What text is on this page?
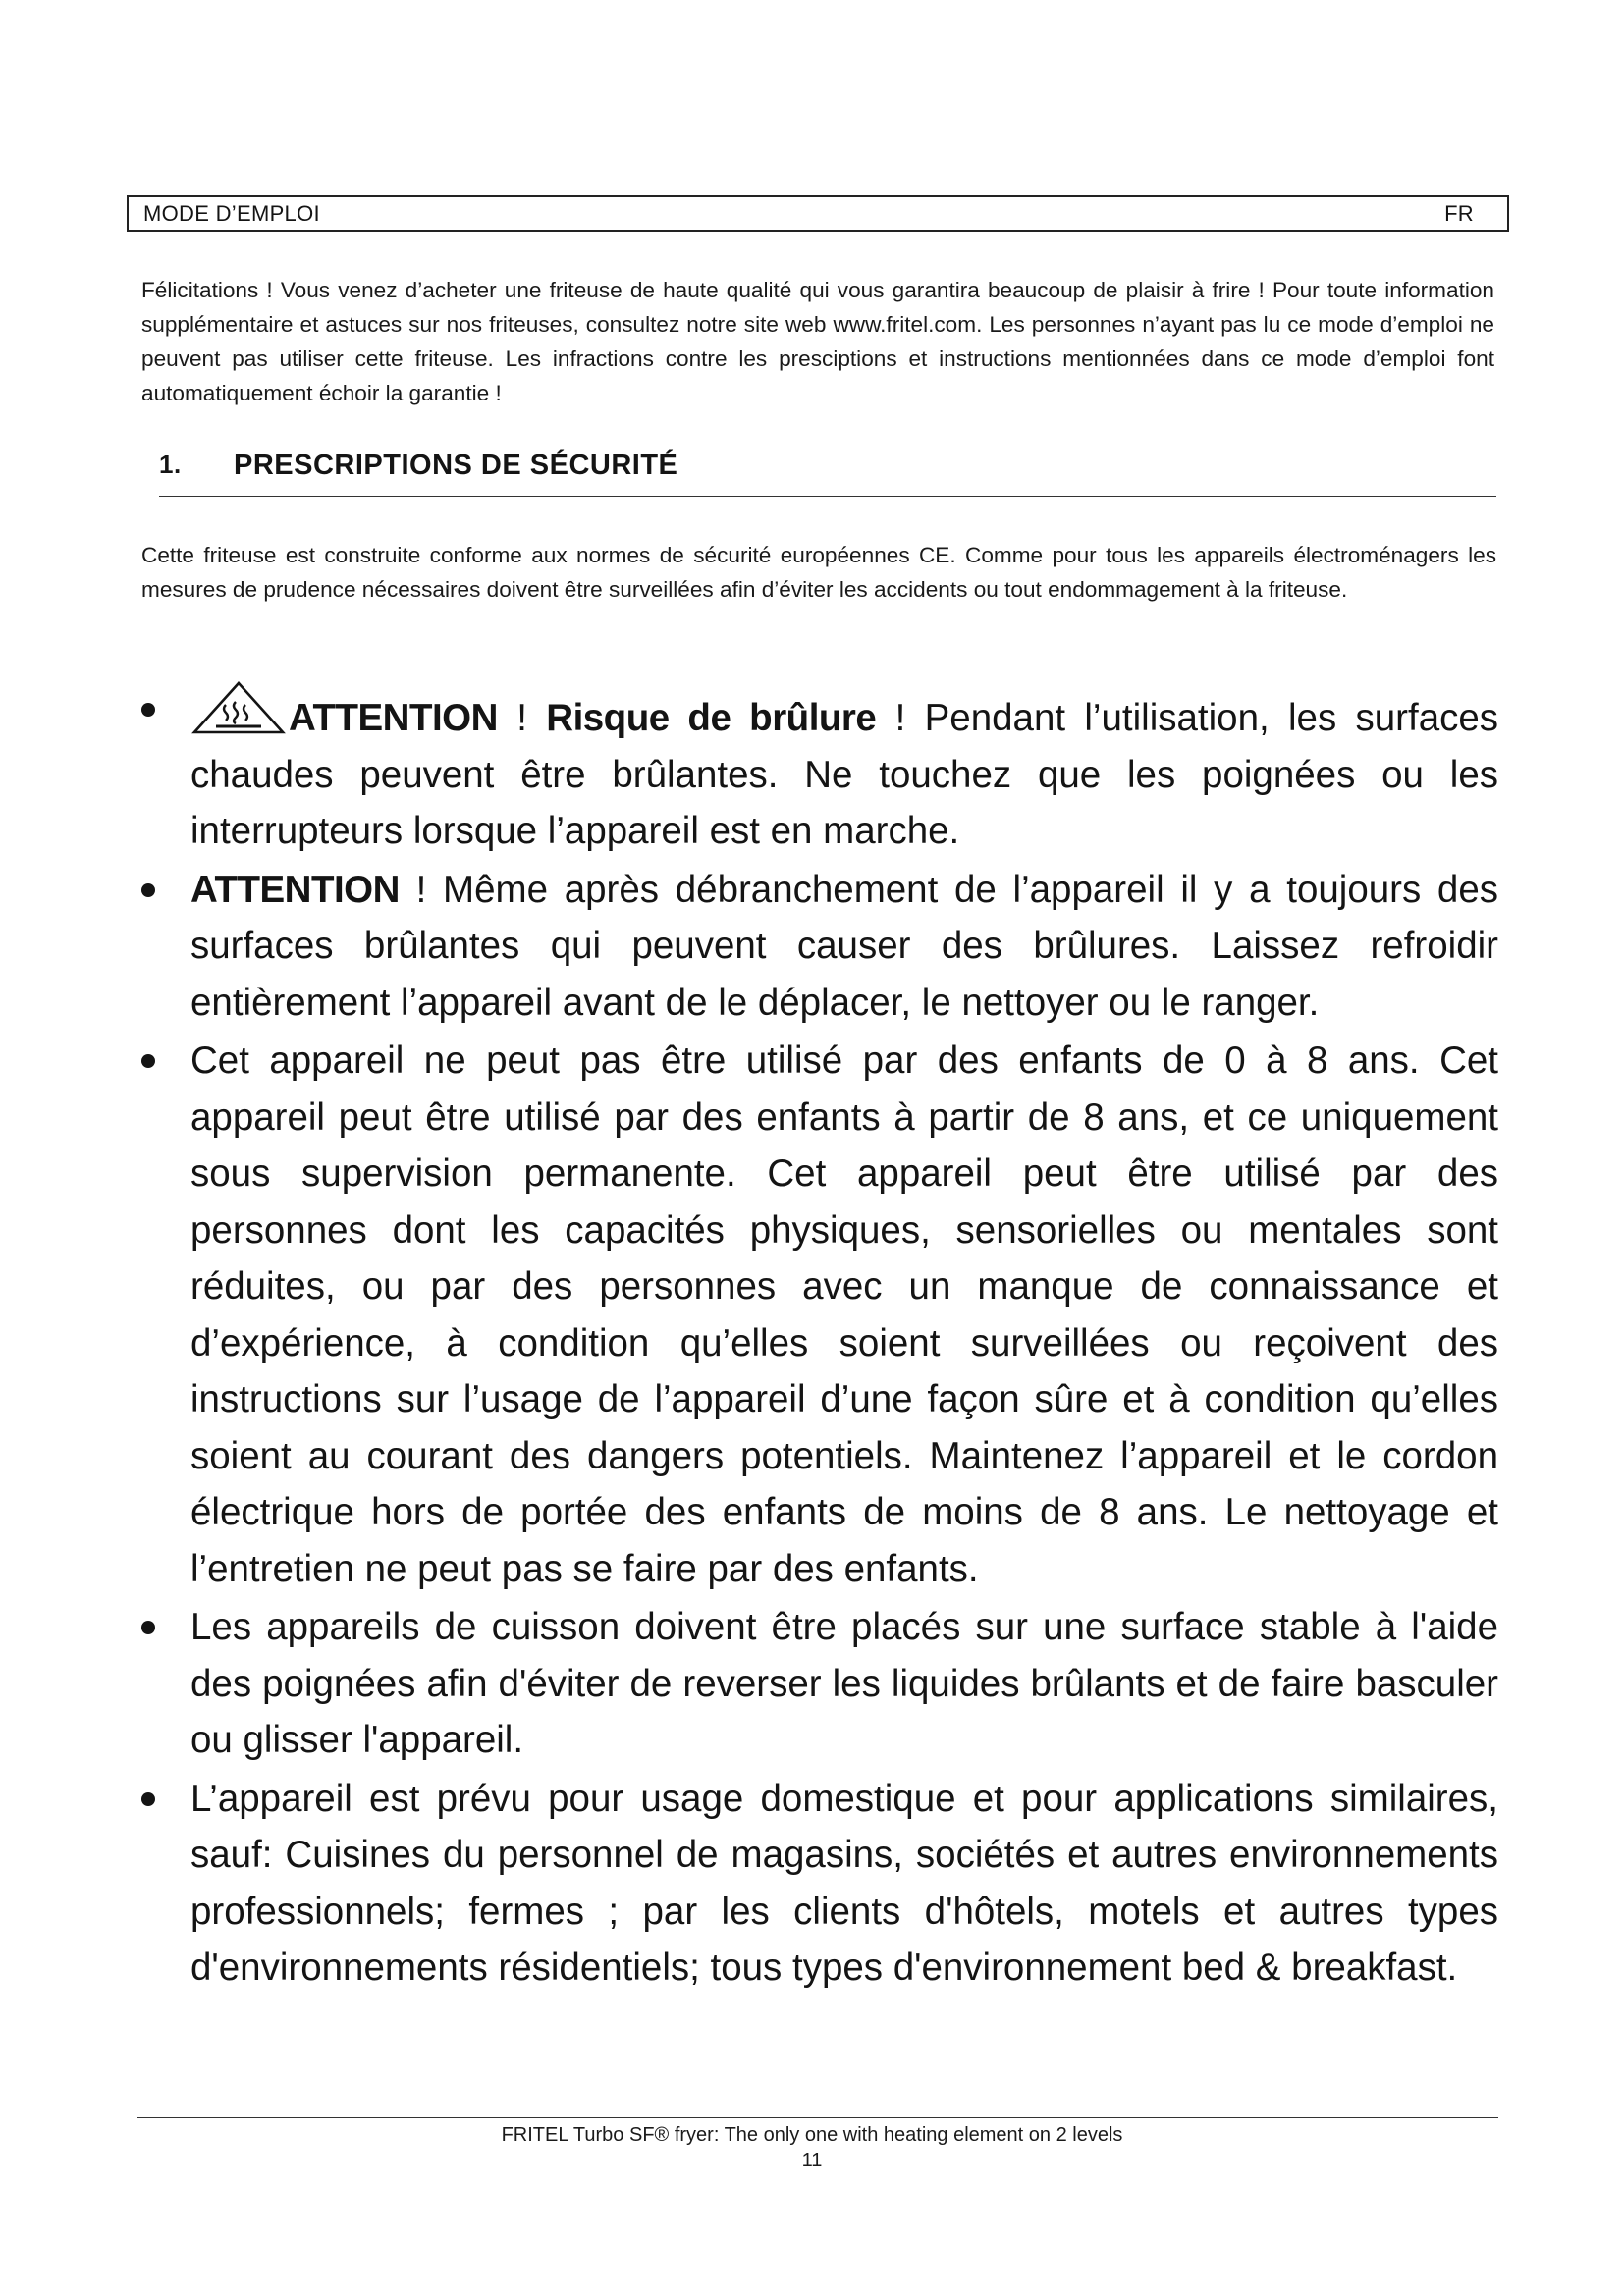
MODE D’EMPLOI	FR

Félicitations ! Vous venez d’acheter une friteuse de haute qualité qui vous garantira beaucoup de plaisir à frire ! Pour toute information supplémentaire et astuces sur nos friteuses, consultez notre site web www.fritel.com. Les personnes n’ayant pas lu ce mode d’emploi ne peuvent pas utiliser cette friteuse. Les infractions contre les presciptions et instructions mentionnées dans ce mode d’emploi font automatiquement échoir la garantie !

1.	PRESCRIPTIONS DE SÉCURITÉ

Cette friteuse est construite conforme aux normes de sécurité européennes CE. Comme pour tous les appareils électroménagers les mesures de prudence nécessaires doivent être surveillées afin d’éviter les accidents ou tout endommagement à la friteuse.

ATTENTION ! Risque de brûlure ! Pendant l’utilisation, les surfaces chaudes peuvent être brûlantes. Ne touchez que les poignées ou les interrupteurs lorsque l’appareil est en marche.
ATTENTION ! Même après débranchement de l’appareil il y a toujours des surfaces brûlantes qui peuvent causer des brûlures. Laissez refroidir entièrement l’appareil avant de le déplacer, le nettoyer ou le ranger.
Cet appareil ne peut pas être utilisé par des enfants de 0 à 8 ans. Cet appareil peut être utilisé par des enfants à partir de 8 ans, et ce uniquement sous supervision permanente. Cet appareil peut être utilisé par des personnes dont les capacités physiques, sensorielles ou mentales sont réduites, ou par des personnes avec un manque de connaissance et d’expérience, à condition qu’elles soient surveillées ou reçoivent des instructions sur l’usage de l’appareil d’une façon sûre et à condition qu’elles soient au courant des dangers potentiels. Maintenez l’appareil et le cordon électrique hors de portée des enfants de moins de 8 ans. Le nettoyage et l’entretien ne peut pas se faire par des enfants.
Les appareils de cuisson doivent être placés sur une surface stable à l'aide des poignées afin d'éviter de reverser les liquides brûlants et de faire basculer ou glisser l'appareil.
L’appareil est prévu pour usage domestique et pour applications similaires, sauf: Cuisines du personnel de magasins, sociétés et autres environnements professionnels; fermes ; par les clients d'hôtels, motels et autres types d'environnements résidentiels; tous types d'environnement bed & breakfast.
FRITEL Turbo SF® fryer: The only one with heating element on 2 levels
11
